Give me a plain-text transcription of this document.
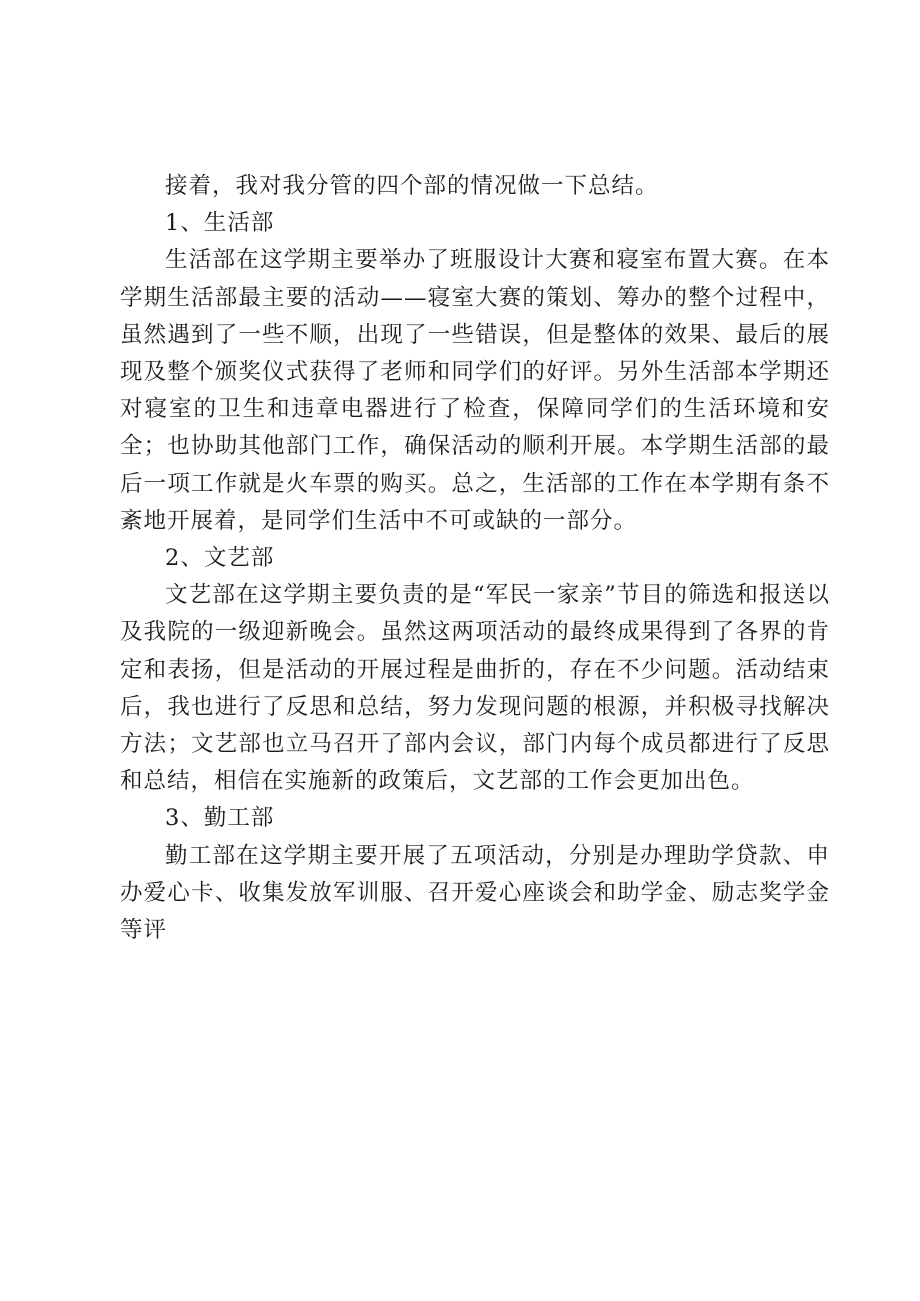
接着，我对我分管的四个部的情况做一下总结。

1、生活部

生活部在这学期主要举办了班服设计大赛和寝室布置大赛。在本学期生活部最主要的活动——寝室大赛的策划、筹办的整个过程中，虽然遇到了一些不顺，出现了一些错误，但是整体的效果、最后的展现及整个颁奖仪式获得了老师和同学们的好评。另外生活部本学期还对寝室的卫生和违章电器进行了检查，保障同学们的生活环境和安全；也协助其他部门工作，确保活动的顺利开展。本学期生活部的最后一项工作就是火车票的购买。总之，生活部的工作在本学期有条不紊地开展着，是同学们生活中不可或缺的一部分。

2、文艺部

文艺部在这学期主要负责的是“军民一家亲”节目的筛选和报送以及我院的一级迎新晚会。虽然这两项活动的最终成果得到了各界的肯定和表扬，但是活动的开展过程是曲折的，存在不少问题。活动结束后，我也进行了反思和总结，努力发现问题的根源，并积极寻找解决方法；文艺部也立马召开了部内会议，部门内每个成员都进行了反思和总结，相信在实施新的政策后，文艺部的工作会更加出色。

3、勤工部

勤工部在这学期主要开展了五项活动，分别是办理助学贷款、申办爱心卡、收集发放军训服、召开爱心座谈会和助学金、励志奖学金等评
